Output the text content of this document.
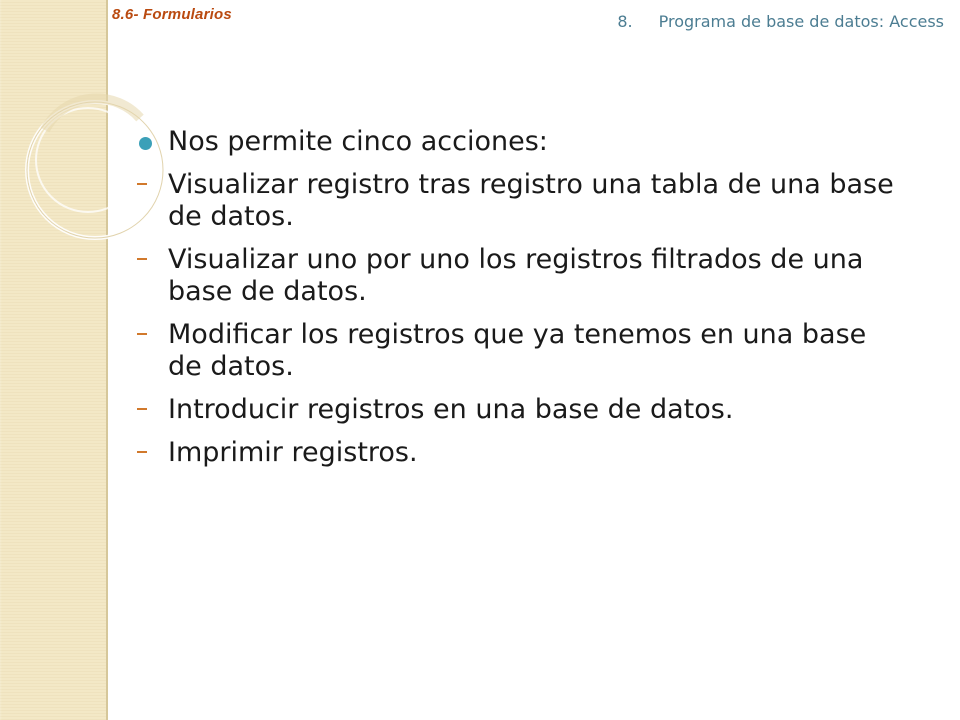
8.6- Formularios	8. Programa de base de datos: Access
Nos permite cinco acciones:
Visualizar registro tras registro una tabla de una base de datos.
Visualizar uno por uno los registros filtrados de una base de datos.
Modificar los registros que ya tenemos en una base de datos.
Introducir registros en una base de datos.
Imprimir registros.
